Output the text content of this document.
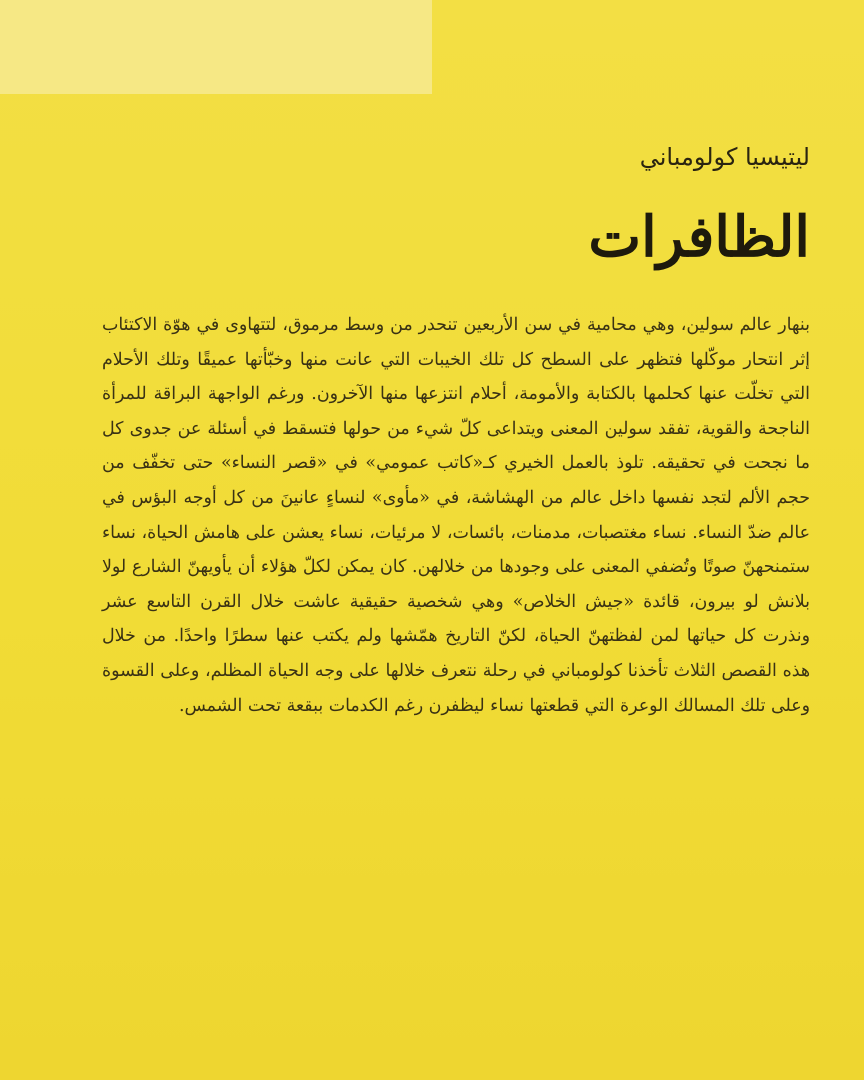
ليتيسيا كولومباني

الظافرات

بنهار عالم سولين، وهي محامية في سن الأربعين تنحدر من وسط مرموق، لتتهاوى في هوّة الاكتئاب إثر انتحار موكّلها فتظهر على السطح كل تلك الخيبات التي عانت منها وخبّأتها عميقًا وتلك الأحلام التي تخلّت عنها كحلمها بالكتابة والأمومة، أحلام انتزعها منها الآخرون. ورغم الواجهة البراقة للمرأة الناجحة والقوية، تفقد سولين المعنى ويتداعى كلّ شيء من حولها فتسقط في أسئلة عن جدوى كل ما نجحت في تحقيقه. تلوذ بالعمل الخيري كـ«كاتب عمومي» في «قصر النساء» حتى تخفّف من حجم الألم لتجد نفسها داخل عالم من الهشاشة، في «مأوى» لنساءٍ عانينَ من كل أوجه البؤس في عالم ضدّ النساء. نساء مغتصبات، مدمنات، بائسات، لا مرئيات، نساء يعشن على هامش الحياة، نساء ستمنحهنّ صوتًا وتُضفي المعنى على وجودها من خلالهن. كان يمكن لكلّ هؤلاء أن يأويهنّ الشارع لولا بلانش لو بيرون، قائدة «جيش الخلاص» وهي شخصية حقيقية عاشت خلال القرن التاسع عشر ونذرت كل حياتها لمن لفظتهنّ الحياة، لكنّ التاريخ همّشها ولم يكتب عنها سطرًا واحدًا. من خلال هذه القصص الثلاث تأخذنا كولومباني في رحلة نتعرف خلالها على وجه الحياة المظلم، وعلى القسوة وعلى تلك المسالك الوعرة التي قطعتها نساء ليظفرن رغم الكدمات ببقعة تحت الشمس.
